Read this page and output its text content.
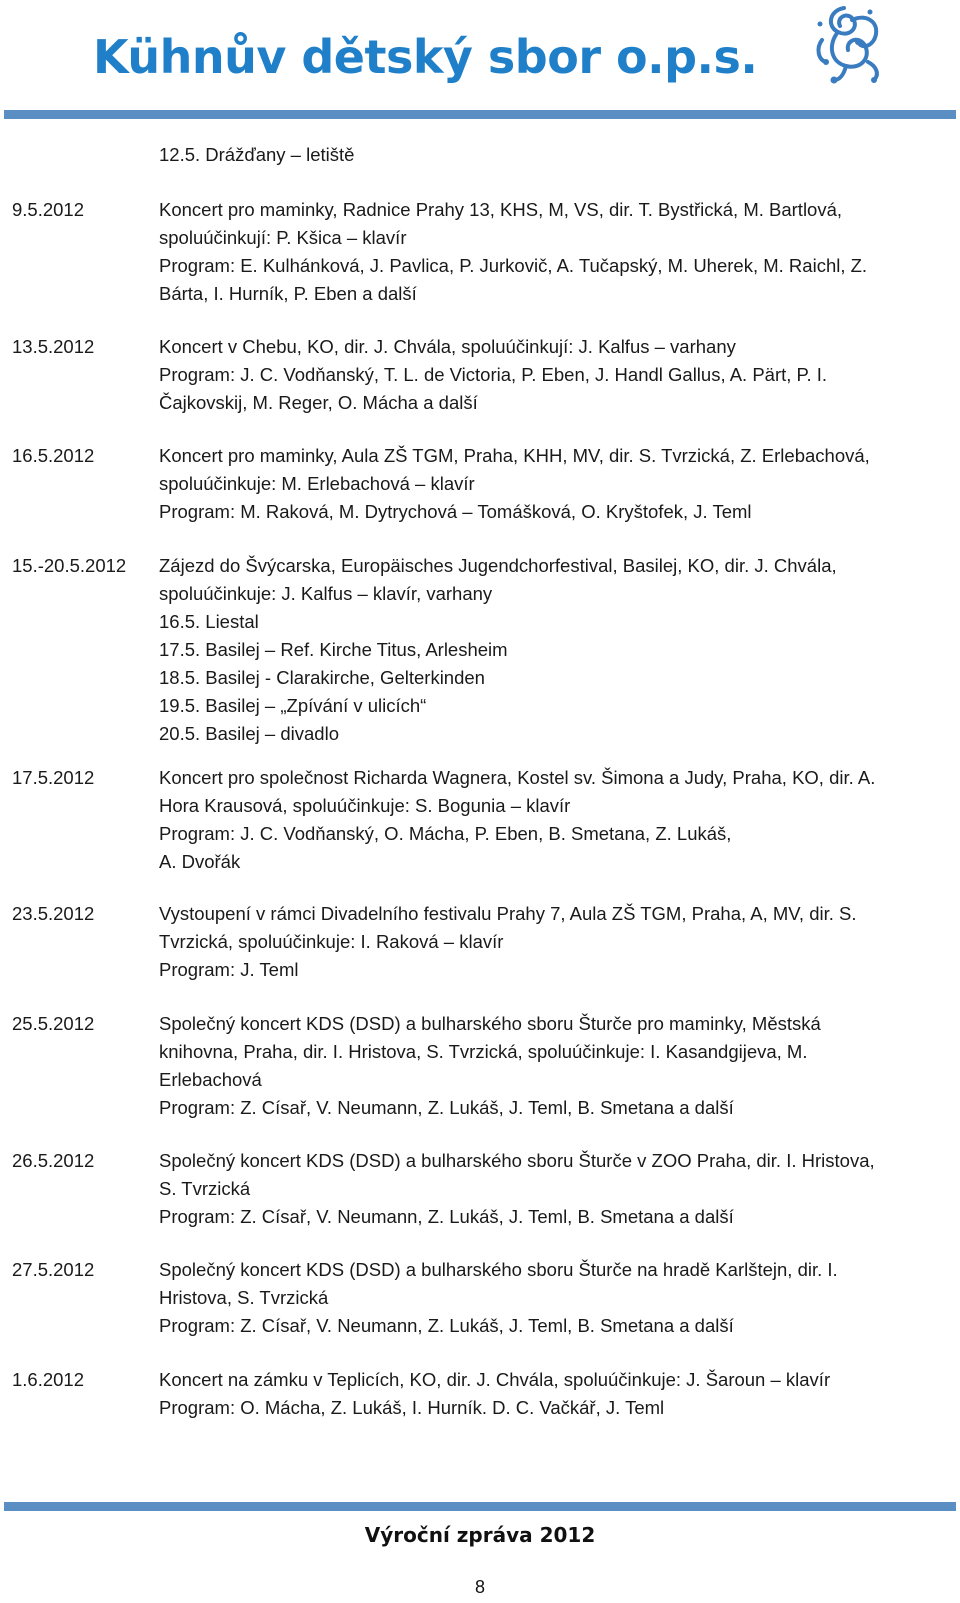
Kühnův dětský sbor o.p.s.
12.5. Drážďany – letiště
9.5.2012	Koncert pro maminky, Radnice Prahy 13, KHS, M, VS, dir. T. Bystřická, M. Bartlová,
spoluúčinkují: P. Kšica – klavír
Program: E. Kulhánková, J. Pavlica, P. Jurkovič, A. Tučapský, M. Uherek, M. Raichl, Z.
Bárta, I. Hurník, P. Eben a další
13.5.2012	Koncert v Chebu, KO, dir. J. Chvála, spoluúčinkují: J. Kalfus – varhany
Program: J. C. Vodňanský, T. L. de Victoria, P. Eben, J. Handl Gallus, A. Pärt, P. I.
Čajkovskij, M. Reger, O. Mácha a další
16.5.2012	Koncert pro maminky, Aula ZŠ TGM, Praha, KHH, MV, dir. S. Tvrzická, Z. Erlebachová,
spoluúčinkuje: M. Erlebachová – klavír
Program: M. Raková, M. Dytrychová – Tomášková, O. Kryštofek, J. Teml
15.-20.5.2012 Zájezd do Švýcarska, Europäisches Jugendchorfestival, Basilej, KO, dir. J. Chvála,
spoluúčinkuje: J. Kalfus – klavír, varhany
16.5. Liestal
17.5. Basilej – Ref. Kirche Titus, Arlesheim
18.5. Basilej - Clarakirche, Gelterkinden
19.5. Basilej – „Zpívání v ulicích“
20.5. Basilej – divadlo
17.5.2012	Koncert pro společnost Richarda Wagnera, Kostel sv. Šimona a Judy, Praha, KO, dir. A.
Hora Krausová, spoluúčinkuje: S. Bogunia – klavír
Program: J. C. Vodňanský, O. Mácha, P. Eben, B. Smetana, Z. Lukáš,
A. Dvořák
23.5.2012	Vystoupení v rámci Divadelního festivalu Prahy 7, Aula ZŠ TGM, Praha, A, MV, dir. S.
Tvrzická, spoluúčinkuje: I. Raková – klavír
Program: J. Teml
25.5.2012	Společný koncert KDS (DSD) a bulharského sboru Šturče pro maminky, Městská
knihovna, Praha, dir. I. Hristova, S. Tvrzická, spoluúčinkuje: I. Kasandgijeva, M.
Erlebachová
Program: Z. Císař, V. Neumann, Z. Lukáš, J. Teml, B. Smetana a další
26.5.2012	Společný koncert KDS (DSD) a bulharského sboru Šturče v ZOO Praha, dir. I. Hristova,
S. Tvrzická
Program: Z. Císař, V. Neumann, Z. Lukáš, J. Teml, B. Smetana a další
27.5.2012	Společný koncert KDS (DSD) a bulharského sboru Šturče na hradě Karlštejn, dir. I.
Hristova, S. Tvrzická
Program: Z. Císař, V. Neumann, Z. Lukáš, J. Teml, B. Smetana a další
1.6.2012	Koncert na zámku v Teplicích, KO, dir. J. Chvála, spoluúčinkuje: J. Šaroun – klavír
Program: O. Mácha, Z. Lukáš, I. Hurník. D. C. Vačkář, J. Teml
Výroční zpráva 2012
8
